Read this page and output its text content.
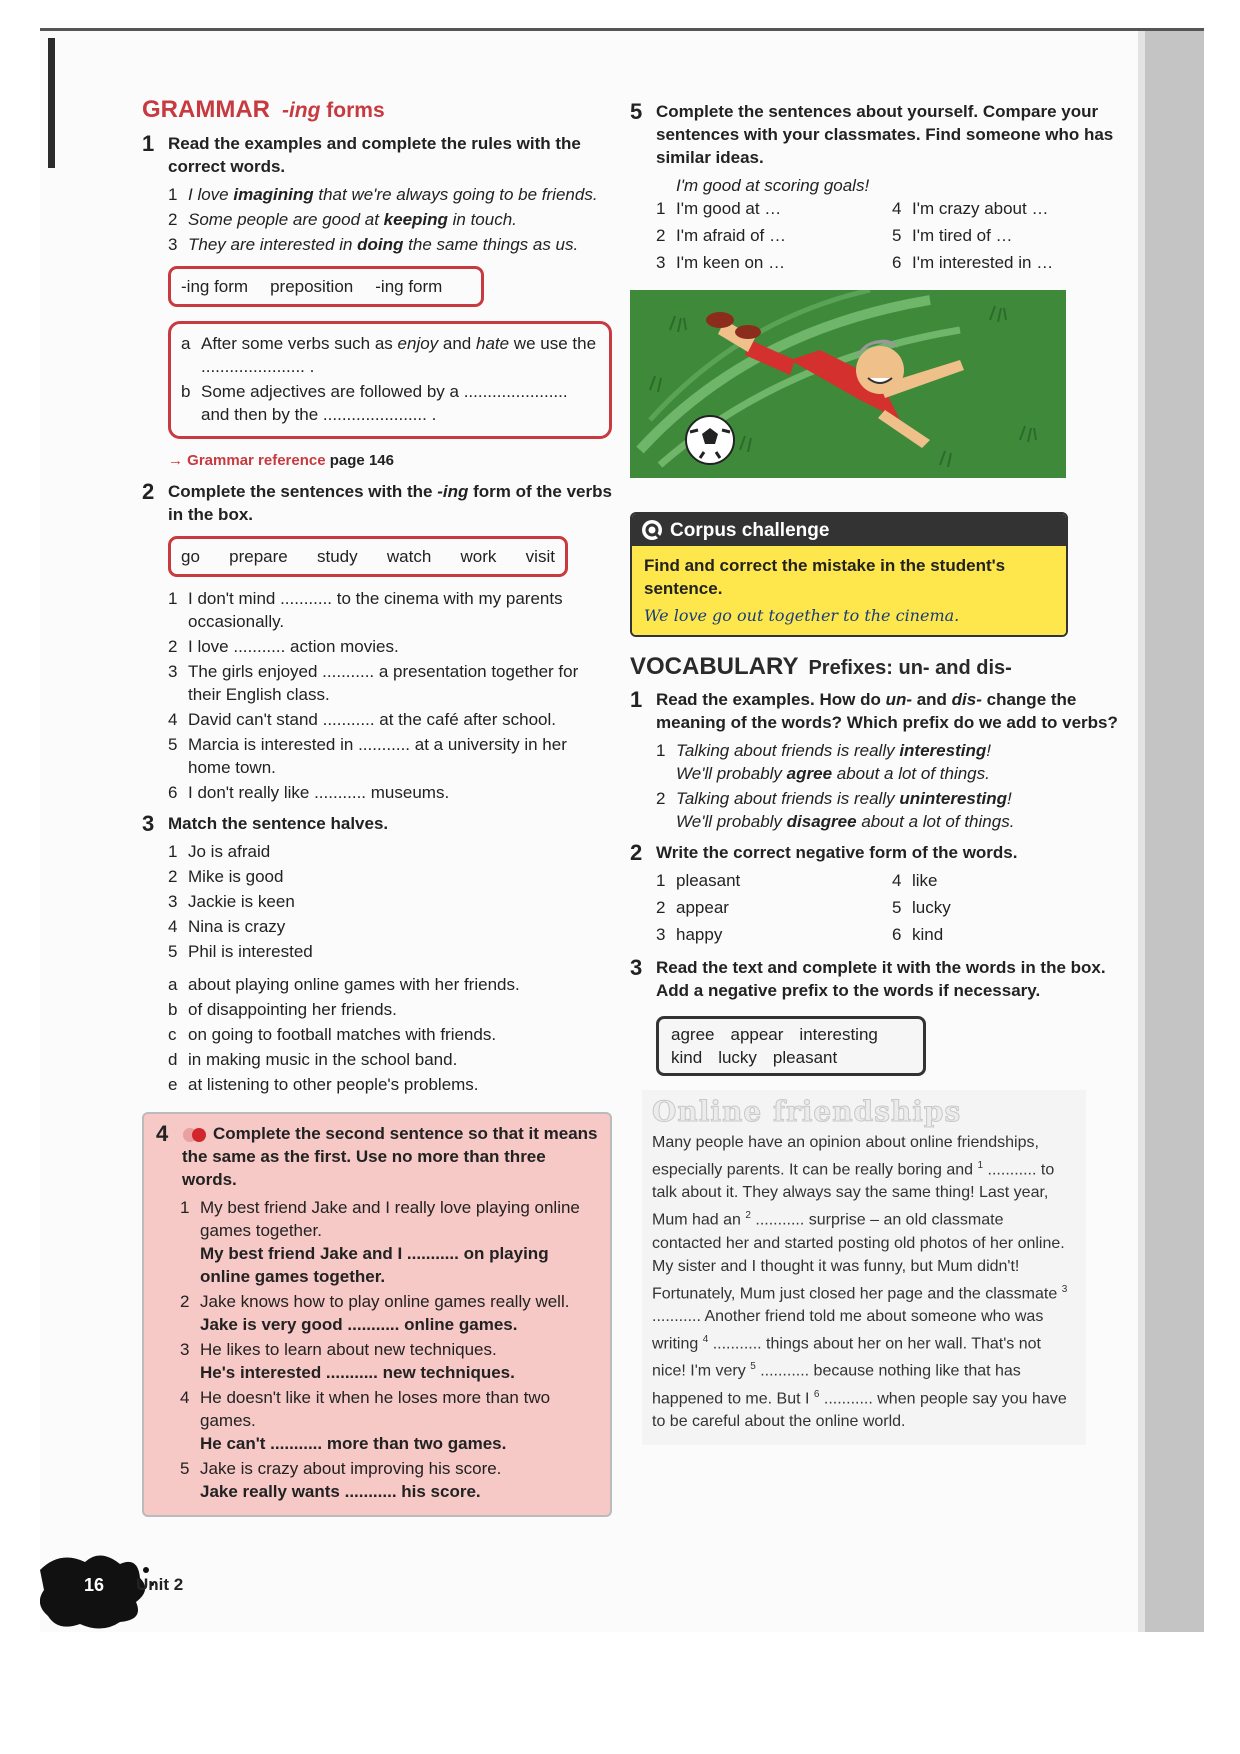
GRAMMAR -ing forms
1 Read the examples and complete the rules with the correct words.
1 I love imagining that we're always going to be friends.
2 Some people are good at keeping in touch.
3 They are interested in doing the same things as us.
-ing form preposition -ing form
a After some verbs such as enjoy and hate we use the ...................... .
b Some adjectives are followed by a ...................... and then by the ...................... .
→ Grammar reference page 146
2 Complete the sentences with the -ing form of the verbs in the box.
go prepare study watch work visit
1 I don't mind ........... to the cinema with my parents occasionally.
2 I love ........... action movies.
3 The girls enjoyed ........... a presentation together for their English class.
4 David can't stand ........... at the café after school.
5 Marcia is interested in ........... at a university in her home town.
6 I don't really like ........... museums.
3 Match the sentence halves.
1 Jo is afraid
2 Mike is good
3 Jackie is keen
4 Nina is crazy
5 Phil is interested
a about playing online games with her friends.
b of disappointing her friends.
c on going to football matches with friends.
d in making music in the school band.
e at listening to other people's problems.
4	Complete the second sentence so that it means the same as the first. Use no more than three words.
1 My best friend Jake and I really love playing online games together.
My best friend Jake and I ........... on playing online games together.
2 Jake knows how to play online games really well.
Jake is very good ........... online games.
3 He likes to learn about new techniques.
He's interested ........... new techniques.
4 He doesn't like it when he loses more than two games.
He can't ........... more than two games.
5 Jake is crazy about improving his score.
Jake really wants ........... his score.
5 Complete the sentences about yourself. Compare your sentences with your classmates. Find someone who has similar ideas.
I'm good at scoring goals!
1 I'm good at …	4 I'm crazy about …
2 I'm afraid of …	5 I'm tired of …
3 I'm keen on …	6 I'm interested in …
Corpus challenge
Find and correct the mistake in the student's sentence.
We love go out together to the cinema.
VOCABULARY Prefixes: un- and dis-
1 Read the examples. How do un- and dis- change the meaning of the words? Which prefix do we add to verbs?
1 Talking about friends is really interesting!
We'll probably agree about a lot of things.
2 Talking about friends is really uninteresting!
We'll probably disagree about a lot of things.
2 Write the correct negative form of the words.
1 pleasant	4 like
2 appear	5 lucky
3 happy	6 kind
3 Read the text and complete it with the words in the box. Add a negative prefix to the words if necessary.
agree appear interesting
kind lucky pleasant
Online friendships

Many people have an opinion about online friendships, especially parents. It can be really boring and $^1$ ........... to talk about it. They always say the same thing! Last year, Mum had an $^2$ ........... surprise – an old classmate contacted her and started posting old photos of her online. My sister and I thought it was funny, but Mum didn't! Fortunately, Mum just closed her page and the classmate $^3$ ........... Another friend told me about someone who was writing $^4$ ........... things about her on her wall. That's not nice! I'm very $^5$ ........... because nothing like that has happened to me. But I $^6$ ........... when people say you have to be careful about the online world.

16 Unit 2
